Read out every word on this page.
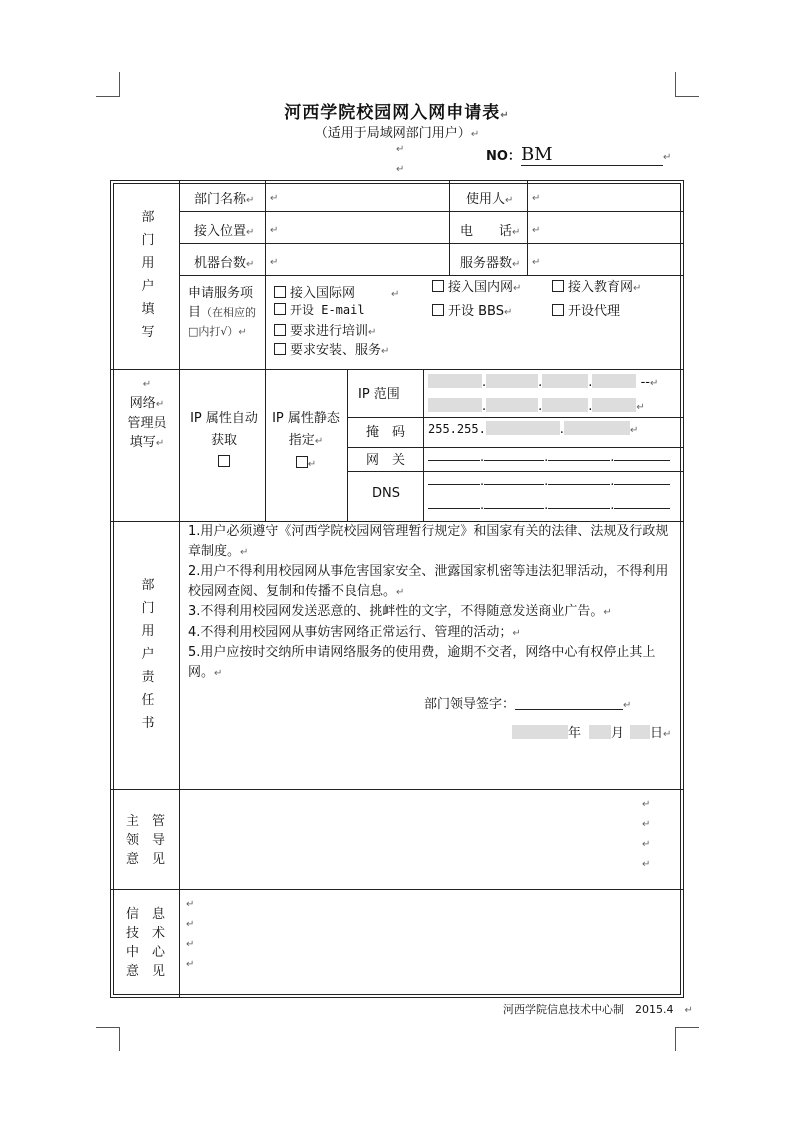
河西学院校园网入网申请表↵
（适用于局域网部门用户）↵
↵	NO：BM	↵
↵
部
门
用
户
填
写
部门名称↵ ↵	使用人↵ ↵
接入位置↵ ↵	电　　话↵ ↵
机器台数↵ ↵	服务器数↵ ↵
申请服务项目（在相应的□内打√）↵
接入国际网	↵	接入国内网↵	接入教育网↵
开设 E-mail	开设 BBS↵	开设代理
要求进行培训↵
要求安装、服务↵
↵
网络↵
管理员
填写↵
IP 属性自动获取

IP 属性静态指定↵
↵
IP 范围
.	.	.	--↵
.	.	.	↵
掩　码 255.255.	.	↵
网　关	.	.	.
DNS
.	.	.
.	.	.
部
门
用
户
责
任
书
1.用户必须遵守《河西学院校园网管理暂行规定》和国家有关的法律、法规及行政规章制度。↵
2.用户不得利用校园网从事危害国家安全、泄露国家机密等违法犯罪活动，不得利用校园网查阅、复制和传播不良信息。↵
3.不得利用校园网发送恶意的、挑衅性的文字，不得随意发送商业广告。↵
4.不得利用校园网从事妨害网络正常运行、管理的活动；↵
5.用户应按时交纳所申请网络服务的使用费，逾期不交者，网络中心有权停止其上网。↵
部门领导签字：	↵
年 月 日↵
主　 管
领　 导
意　 见
↵
↵
↵
↵
信　 息
技　 术
中　 心
意　 见
↵
↵
↵
↵
河西学院信息技术中心制　2015.4　 ↵
